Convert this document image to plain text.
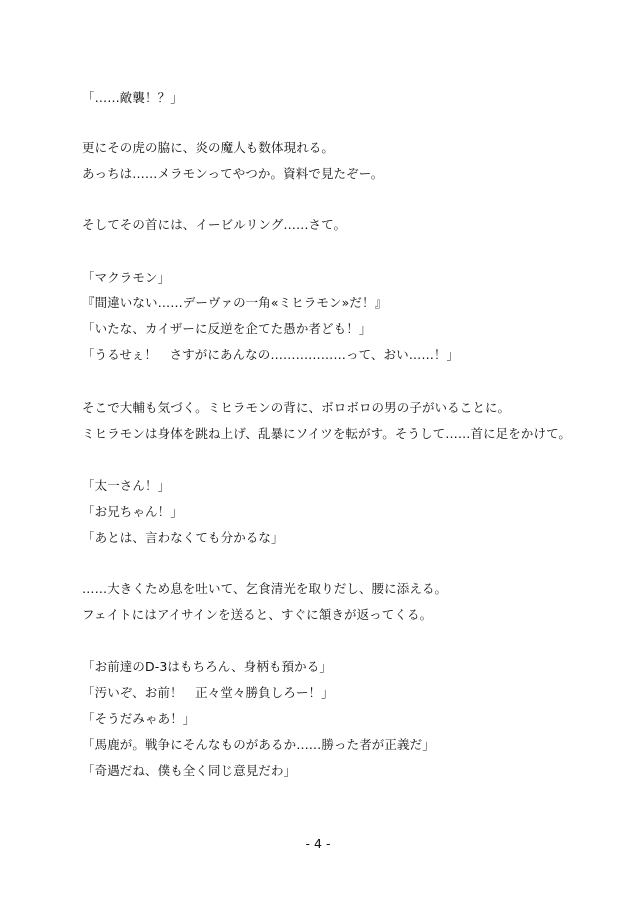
「……敵襲！？」
更にその虎の脇に、炎の魔人も数体現れる。
あっちは……メラモンってやつか。資料で見たぞー。
そしてその首には、イービルリング……さて。
「マクラモン」
『間違いない……デーヴァの一角«ミヒラモン»だ！』
「いたな、カイザーに反逆を企てた愚か者ども！」
「うるせぇ！　さすがにあんなの………………って、おい……！」
そこで大輔も気づく。ミヒラモンの背に、ボロボロの男の子がいることに。
ミヒラモンは身体を跳ね上げ、乱暴にソイツを転がす。そうして……首に足をかけて。
「太一さん！」
「お兄ちゃん！」
「あとは、言わなくても分かるな」
……大きくため息を吐いて、乞食清光を取りだし、腰に添える。
フェイトにはアイサインを送ると、すぐに頷きが返ってくる。
「お前達のD-3はもちろん、身柄も預かる」
「汚いぞ、お前！　正々堂々勝負しろー！」
「そうだみゃあ！」
「馬鹿が。戦争にそんなものがあるか……勝った者が正義だ」
「奇遇だね、僕も全く同じ意見だわ」
- 4 -
